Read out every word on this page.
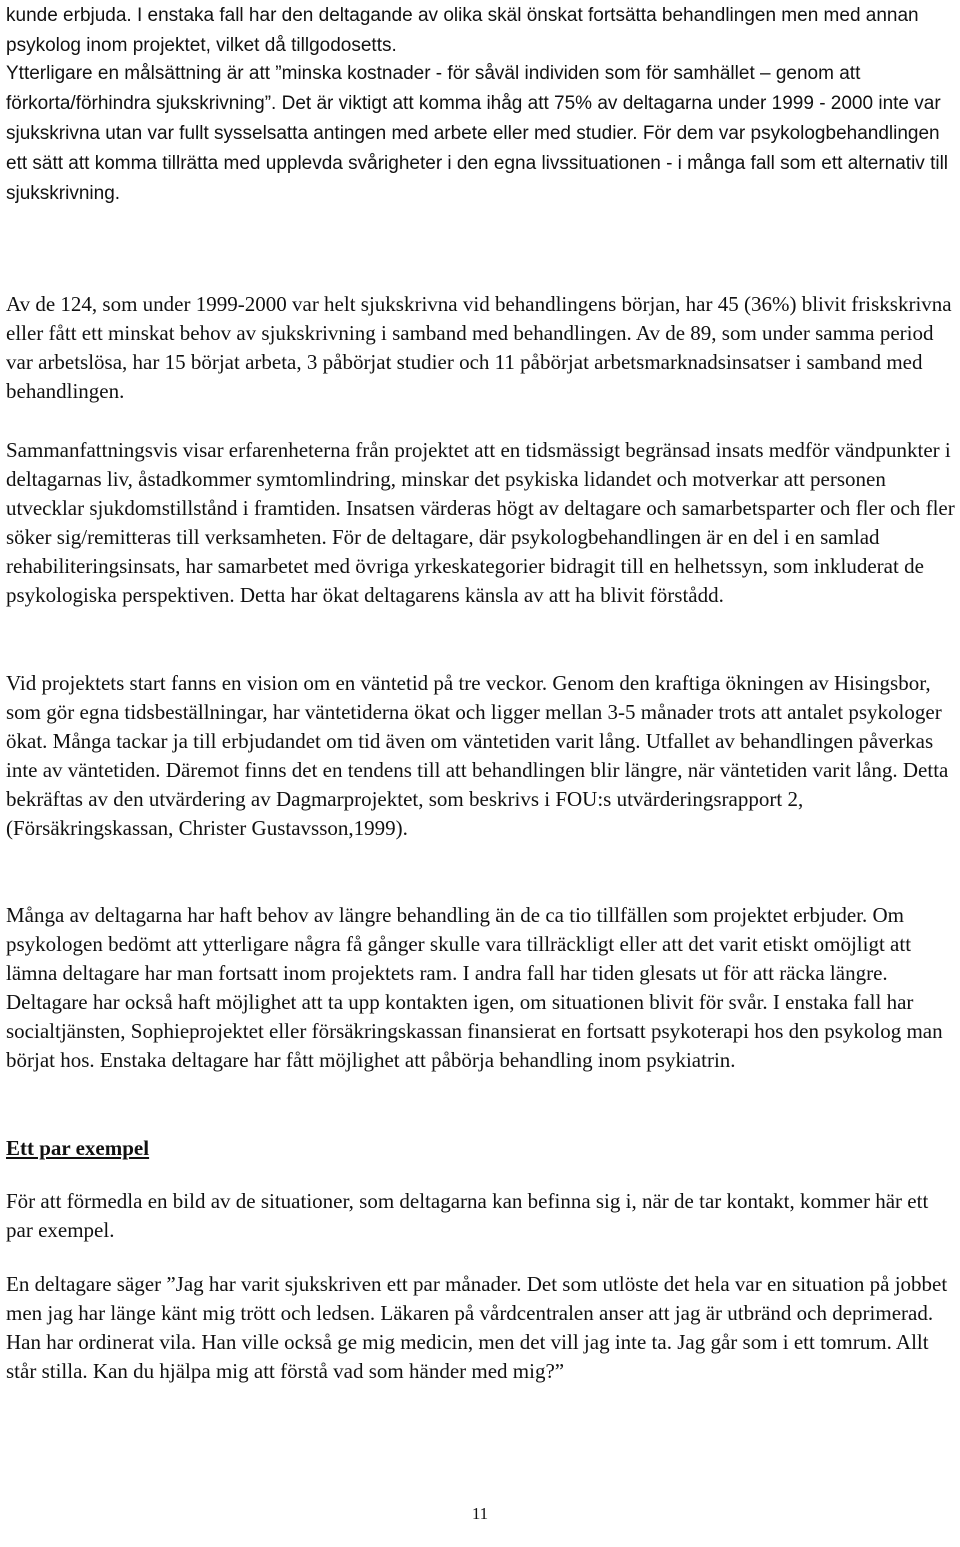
kunde erbjuda. I enstaka fall har den deltagande av olika skäl önskat fortsätta behandlingen men med annan psykolog inom projektet, vilket då tillgodosetts.

Ytterligare en målsättning är att ”minska kostnader - för såväl individen som för samhället – genom att förkorta/förhindra sjukskrivning”. Det är viktigt att komma ihåg att 75% av deltagarna under 1999 - 2000 inte var sjukskrivna utan var fullt sysselsatta antingen med arbete eller med studier. För dem var psykologbehandlingen ett sätt att komma tillrätta med upplevda svårigheter i den egna livssituationen - i många fall som ett alternativ till sjukskrivning.

Av de 124, som under 1999-2000 var helt sjukskrivna vid behandlingens början, har 45 (36%) blivit friskskrivna eller fått ett minskat behov av sjukskrivning i samband med behandlingen. Av de 89, som under samma period var arbetslösa, har 15 börjat arbeta, 3 påbörjat studier och 11 påbörjat arbetsmarknadsinsatser i samband med behandlingen.

Sammanfattningsvis visar erfarenheterna från projektet att en tidsmässigt begränsad insats medför vändpunkter i deltagarnas liv, åstadkommer symtomlindring, minskar det psykiska lidandet och motverkar att personen utvecklar sjukdomstillstånd i framtiden. Insatsen värderas högt av deltagare och samarbetsparter och fler och fler söker sig/remitteras till verksamheten. För de deltagare, där psykologbehandlingen är en del i en samlad rehabiliteringsinsats, har samarbetet med övriga yrkeskategorier bidragit till en helhetssyn, som inkluderat de psykologiska perspektiven. Detta har ökat deltagarens känsla av att ha blivit förstådd.

Vid projektets start fanns en vision om en väntetid på tre veckor. Genom den kraftiga ökningen av Hisingsbor, som gör egna tidsbeställningar, har väntetiderna ökat och ligger mellan 3-5 månader trots att antalet psykologer ökat. Många tackar ja till erbjudandet om tid även om väntetiden varit lång. Utfallet av behandlingen påverkas inte av väntetiden. Däremot finns det en tendens till att behandlingen blir längre, när väntetiden varit lång. Detta bekräftas av den utvärdering av Dagmarprojektet, som beskrivs i FOU:s utvärderingsrapport 2, (Försäkringskassan, Christer Gustavsson,1999).

Många av deltagarna har haft behov av längre behandling än de ca tio tillfällen som projektet erbjuder. Om psykologen bedömt att ytterligare några få gånger skulle vara tillräckligt eller att det varit etiskt omöjligt att lämna deltagare har man fortsatt inom projektets ram. I andra fall har tiden glesats ut för att räcka längre. Deltagare har också haft möjlighet att ta upp kontakten igen, om situationen blivit för svår. I enstaka fall har socialtjänsten, Sophieprojektet eller försäkringskassan finansierat en fortsatt psykoterapi hos den psykolog man börjat hos. Enstaka deltagare har fått möjlighet att påbörja behandling inom psykiatrin.

Ett par exempel

För att förmedla en bild av de situationer, som deltagarna kan befinna sig i, när de tar kontakt, kommer här ett par exempel.

En deltagare säger ”Jag har varit sjukskriven ett par månader. Det som utlöste det hela var en situation på jobbet men jag har länge känt mig trött och ledsen. Läkaren på vårdcentralen anser att jag är utbränd och deprimerad. Han har ordinerat vila. Han ville också ge mig medicin, men det vill jag inte ta. Jag går som i ett tomrum. Allt står stilla. Kan du hjälpa mig att förstå vad som händer med mig?”

11
